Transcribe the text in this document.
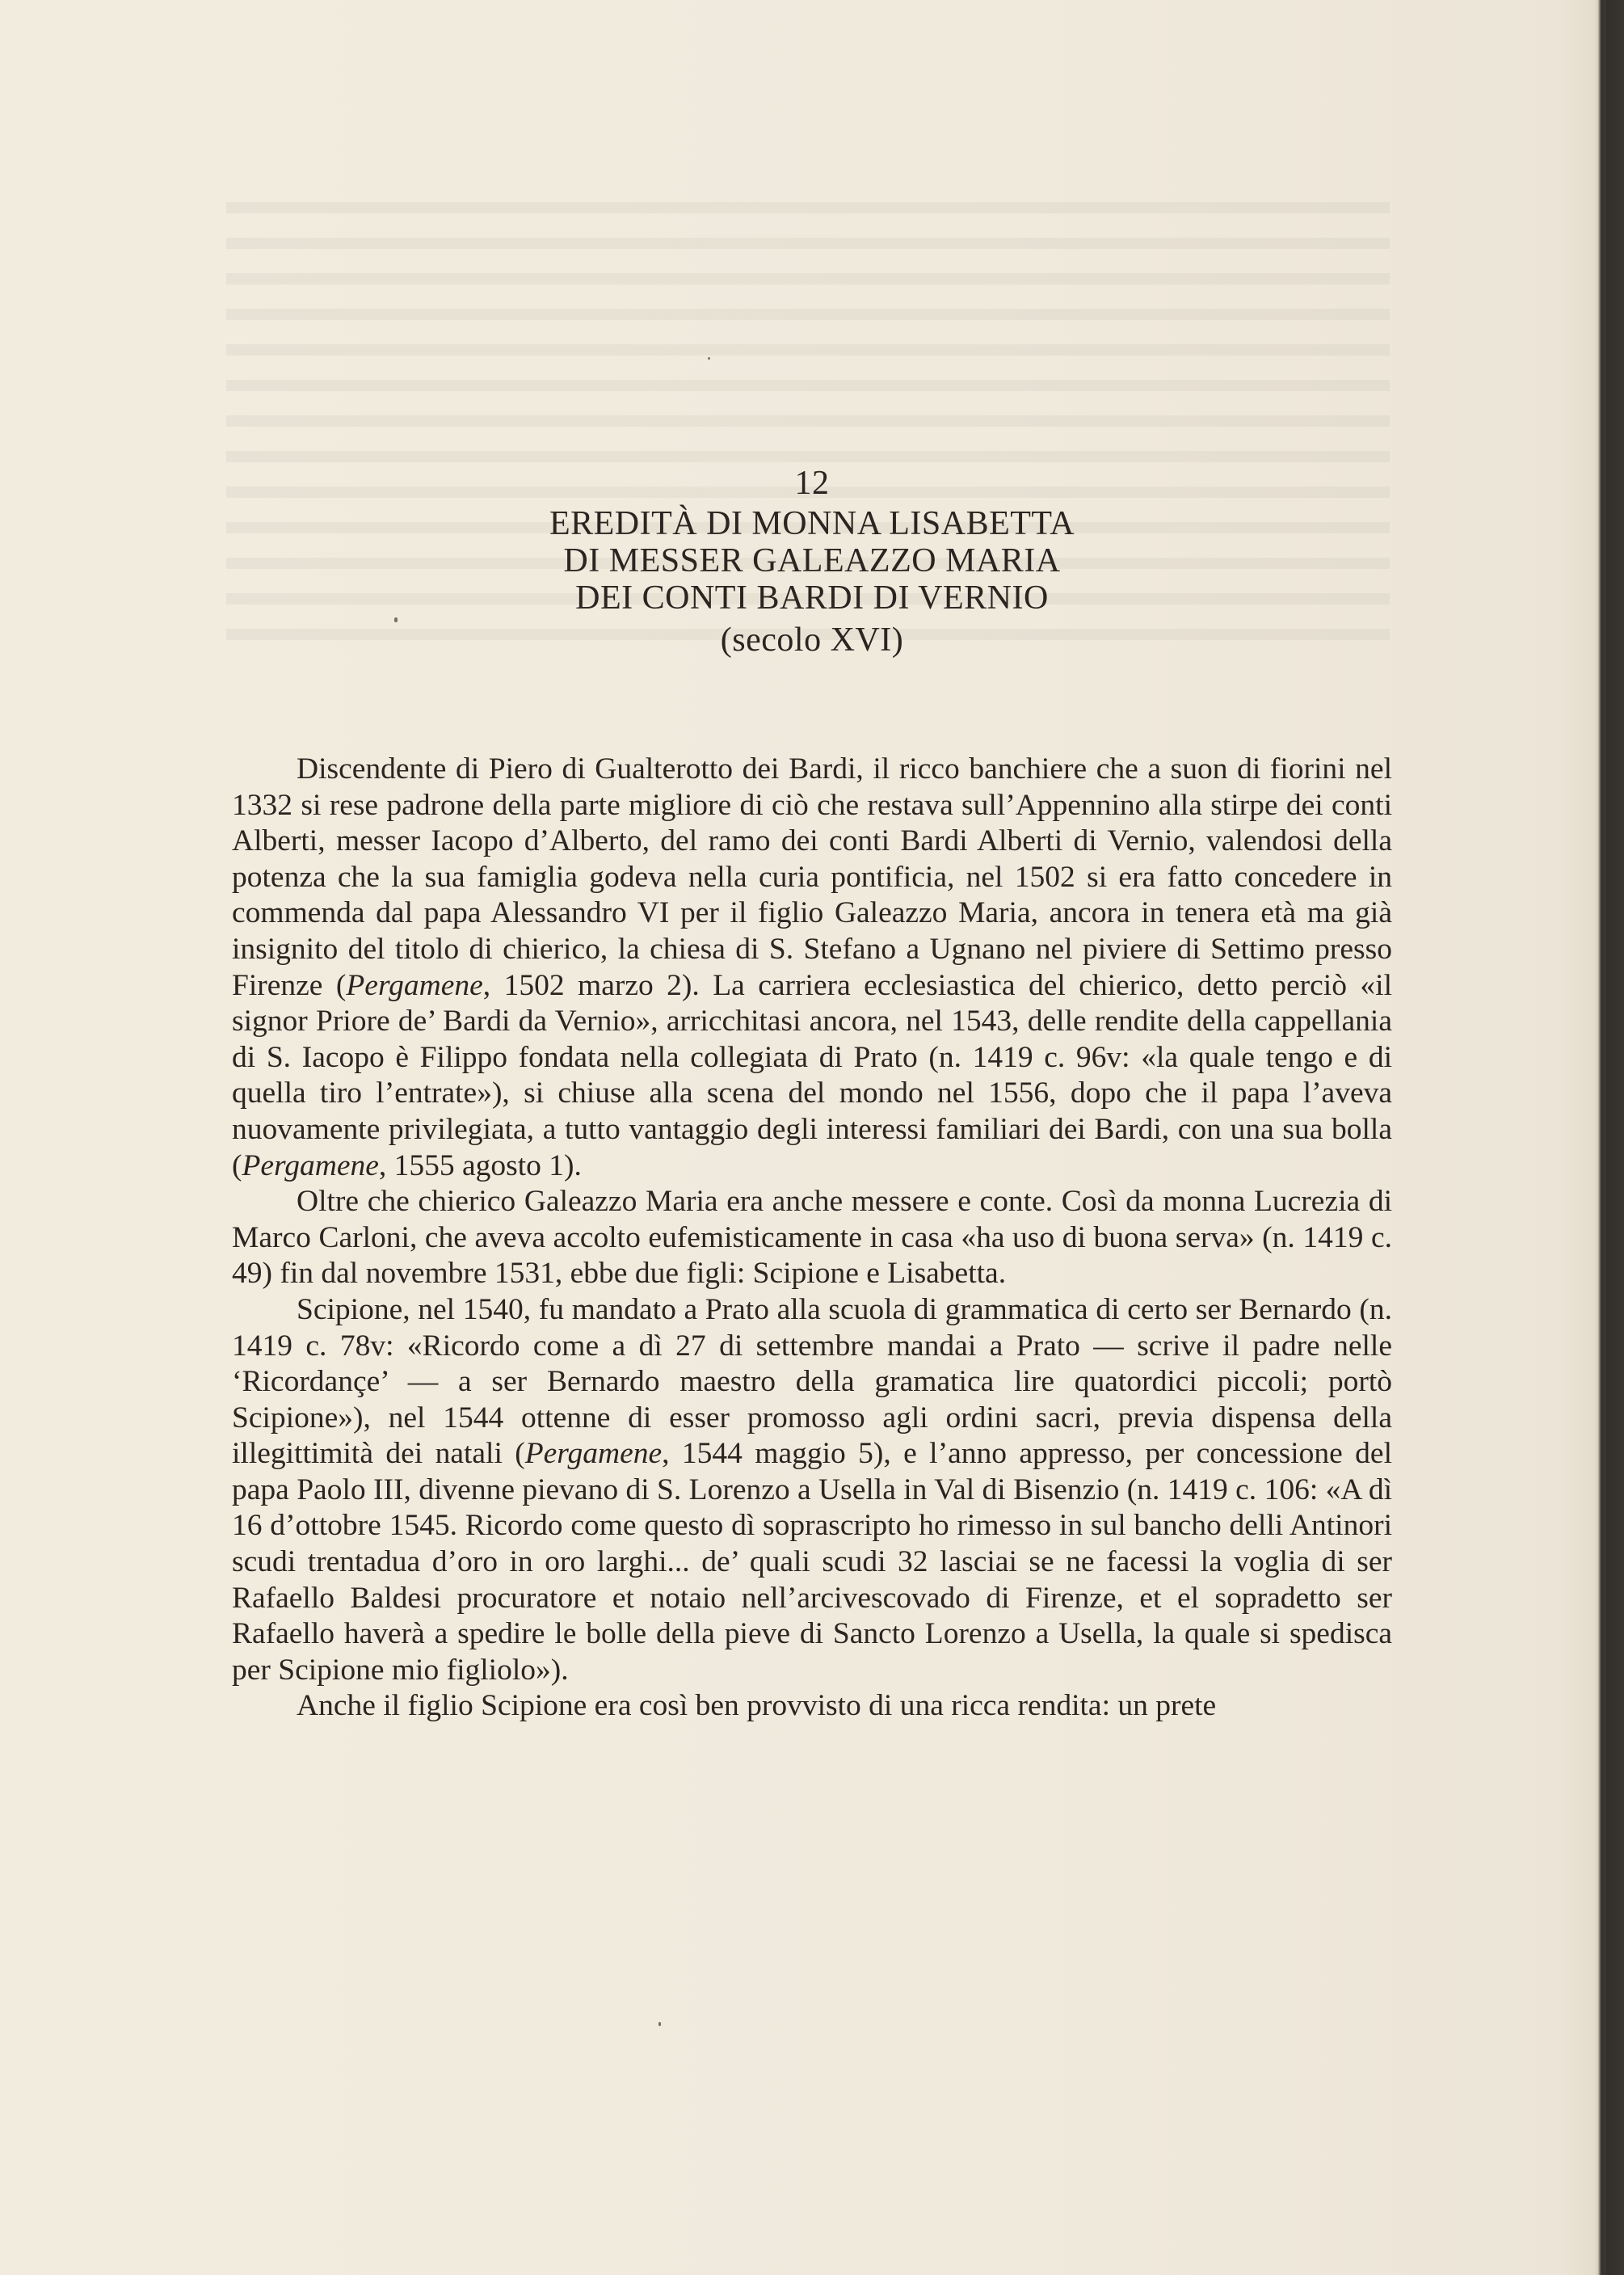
12
EREDITÀ DI MONNA LISABETTA
DI MESSER GALEAZZO MARIA
DEI CONTI BARDI DI VERNIO
(secolo XVI)

Discendente di Piero di Gualterotto dei Bardi, il ricco banchiere che a suon di fiorini nel 1332 si rese padrone della parte migliore di ciò che restava sull’Appennino alla stirpe dei conti Alberti, messer Iacopo d’Alberto, del ramo dei conti Bardi Alberti di Vernio, valendosi della potenza che la sua famiglia godeva nella curia pontificia, nel 1502 si era fatto concedere in commenda dal papa Alessandro VI per il figlio Galeazzo Maria, ancora in tenera età ma già insignito del titolo di chierico, la chiesa di S. Stefano a Ugnano nel piviere di Settimo presso Firenze (Pergamene, 1502 marzo 2). La carriera ecclesiastica del chierico, detto perciò «il signor Priore de’ Bardi da Vernio», arricchitasi ancora, nel 1543, delle rendite della cappellania di S. Iacopo è Filippo fondata nella collegiata di Prato (n. 1419 c. 96v: «la quale tengo e di quella tiro l’entrate»), si chiuse alla scena del mondo nel 1556, dopo che il papa l’aveva nuovamente privilegiata, a tutto vantaggio degli interessi familiari dei Bardi, con una sua bolla (Pergamene, 1555 agosto 1).

Oltre che chierico Galeazzo Maria era anche messere e conte. Così da monna Lucrezia di Marco Carloni, che aveva accolto eufemisticamente in casa «ha uso di buona serva» (n. 1419 c. 49) fin dal novembre 1531, ebbe due figli: Scipione e Lisabetta.

Scipione, nel 1540, fu mandato a Prato alla scuola di grammatica di certo ser Bernardo (n. 1419 c. 78v: «Ricordo come a dì 27 di settembre mandai a Prato — scrive il padre nelle ‘Ricordançe’ — a ser Bernardo maestro della gramatica lire quatordici piccoli; portò Scipione»), nel 1544 ottenne di esser promosso agli ordini sacri, previa dispensa della illegittimità dei natali (Pergamene, 1544 maggio 5), e l’anno appresso, per concessione del papa Paolo III, divenne pievano di S. Lorenzo a Usella in Val di Bisenzio (n. 1419 c. 106: «A dì 16 d’ottobre 1545. Ricordo come questo dì soprascripto ho rimesso in sul bancho delli Antinori scudi trentadua d’oro in oro larghi... de’ quali scudi 32 lasciai se ne facessi la voglia di ser Rafaello Baldesi procuratore et notaio nell’arcivescovado di Firenze, et el sopradetto ser Rafaello haverà a spedire le bolle della pieve di Sancto Lorenzo a Usella, la quale si spedisca per Scipione mio figliolo»).

Anche il figlio Scipione era così ben provvisto di una ricca rendita: un prete
